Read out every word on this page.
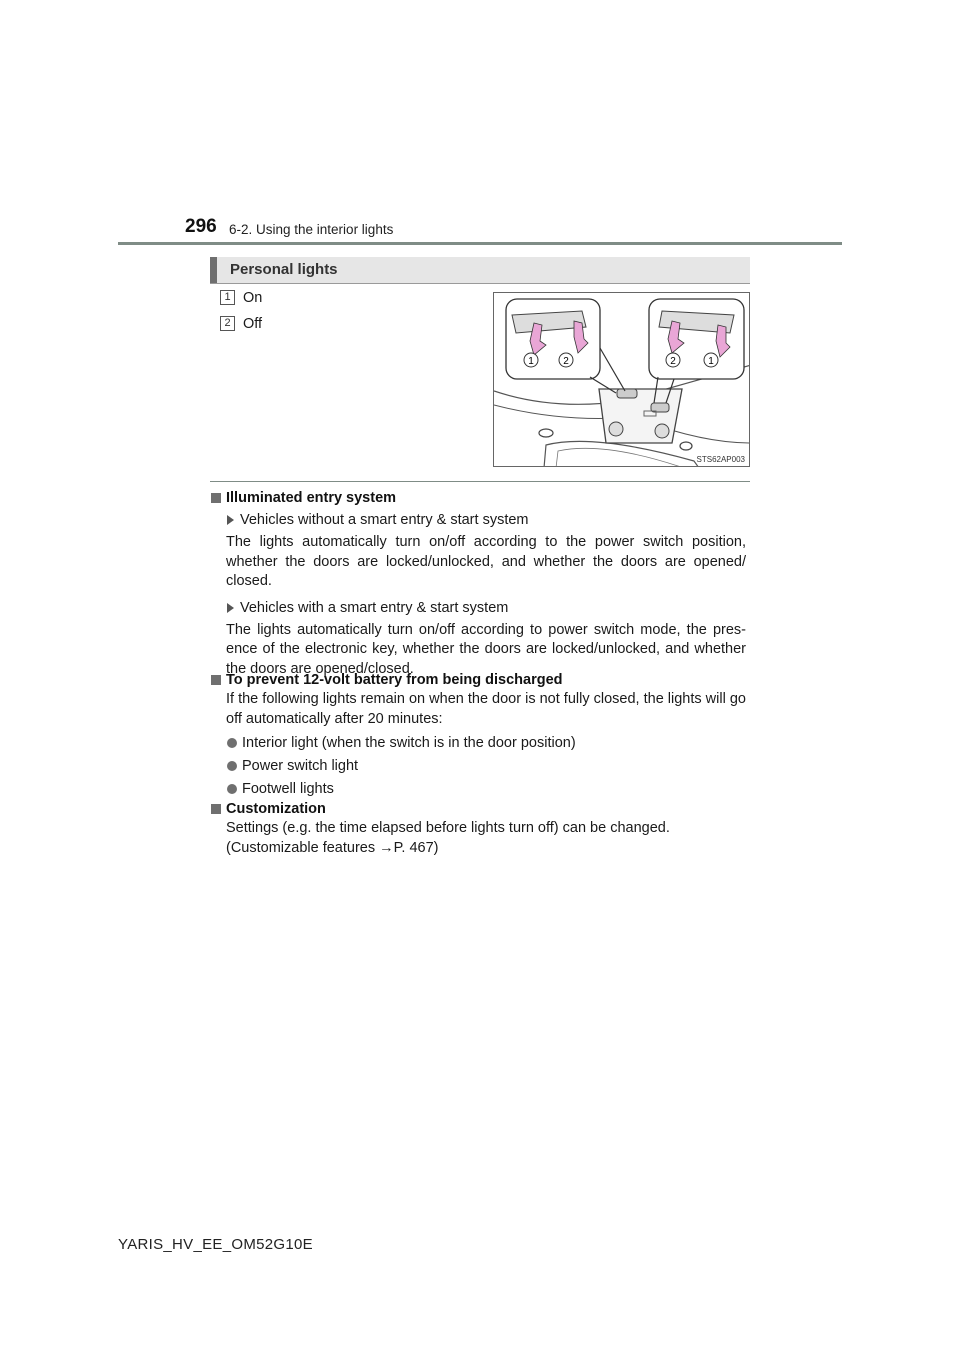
296 6-2. Using the interior lights
Personal lights
1 On
2 Off
1	2	2	1
STS62AP003
Illuminated entry system
Vehicles without a smart entry & start system
The lights automatically turn on/off according to the power switch position, whether the doors are locked/unlocked, and whether the doors are opened/ closed.
Vehicles with a smart entry & start system
The lights automatically turn on/off according to power switch mode, the pres- ence of the electronic key, whether the doors are locked/unlocked, and whether the doors are opened/closed.
To prevent 12-volt battery from being discharged
If the following lights remain on when the door is not fully closed, the lights will go off automatically after 20 minutes:
Interior light (when the switch is in the door position)
Power switch light
Footwell lights
Customization
Settings (e.g. the time elapsed before lights turn off) can be changed.
(Customizable features →P. 467)
YARIS_HV_EE_OM52G10E
